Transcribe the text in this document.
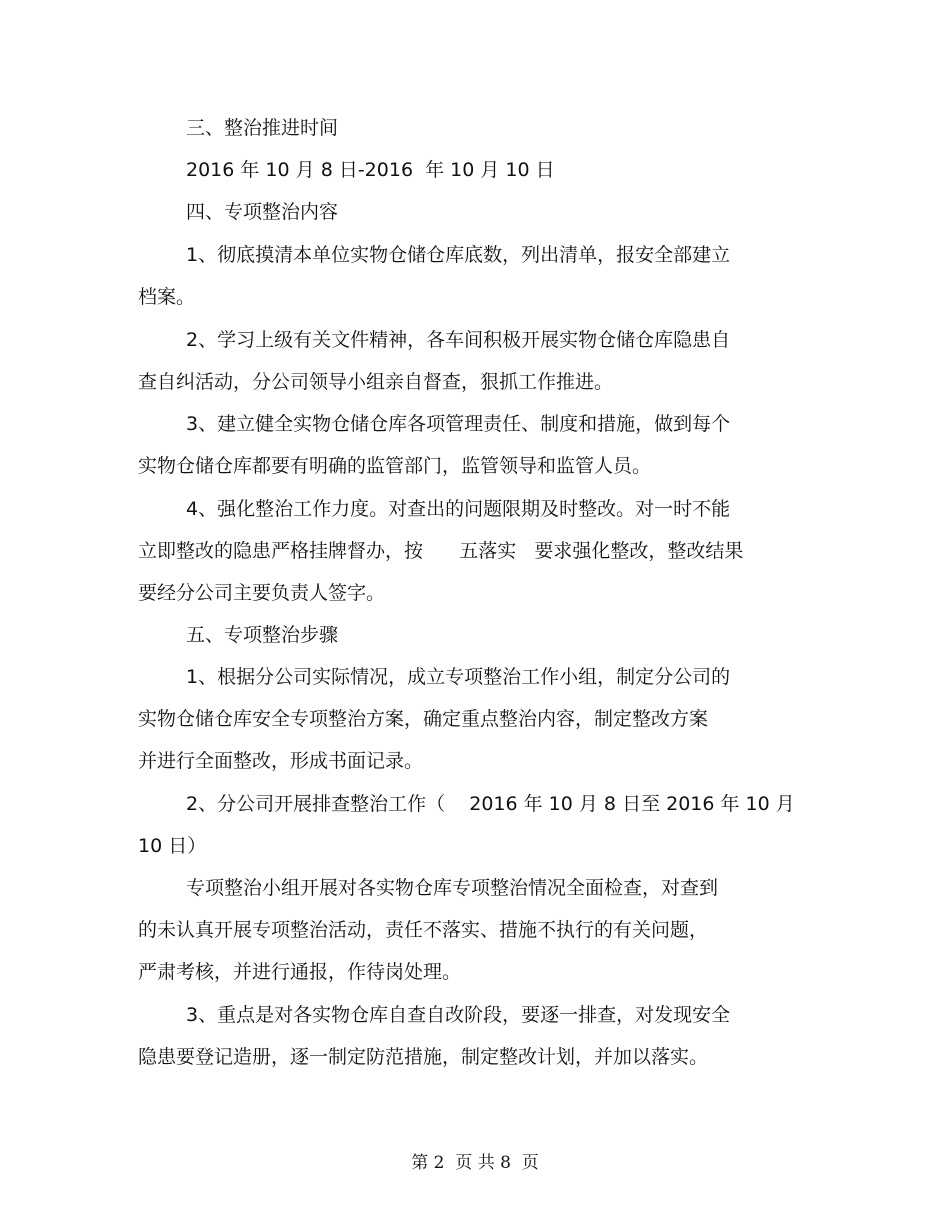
三、整治推进时间

2016 年 10 月 8 日-2016  年 10 月 10 日

四、专项整治内容

1、彻底摸清本单位实物仓储仓库底数，列出清单，报安全部建立

档案。

2、学习上级有关文件精神，各车间积极开展实物仓储仓库隐患自

查自纠活动，分公司领导小组亲自督查，狠抓工作推进。

3、建立健全实物仓储仓库各项管理责任、制度和措施，做到每个

实物仓储仓库都要有明确的监管部门，监管领导和监管人员。

4、强化整治工作力度。对查出的问题限期及时整改。对一时不能

立即整改的隐患严格挂牌督办，按      五落实   要求强化整改，整改结果

要经分公司主要负责人签字。

五、专项整治步骤

1、根据分公司实际情况，成立专项整治工作小组，制定分公司的

实物仓储仓库安全专项整治方案，确定重点整治内容，制定整改方案

并进行全面整改，形成书面记录。

2、分公司开展排查整治工作（    2016 年 10 月 8 日至 2016 年 10 月

10 日）

专项整治小组开展对各实物仓库专项整治情况全面检查，对查到

的未认真开展专项整治活动，责任不落实、措施不执行的有关问题，

严肃考核，并进行通报，作待岗处理。

3、重点是对各实物仓库自查自改阶段，要逐一排查，对发现安全

隐患要登记造册，逐一制定防范措施，制定整改计划，并加以落实。

第 2  页 共 8  页
